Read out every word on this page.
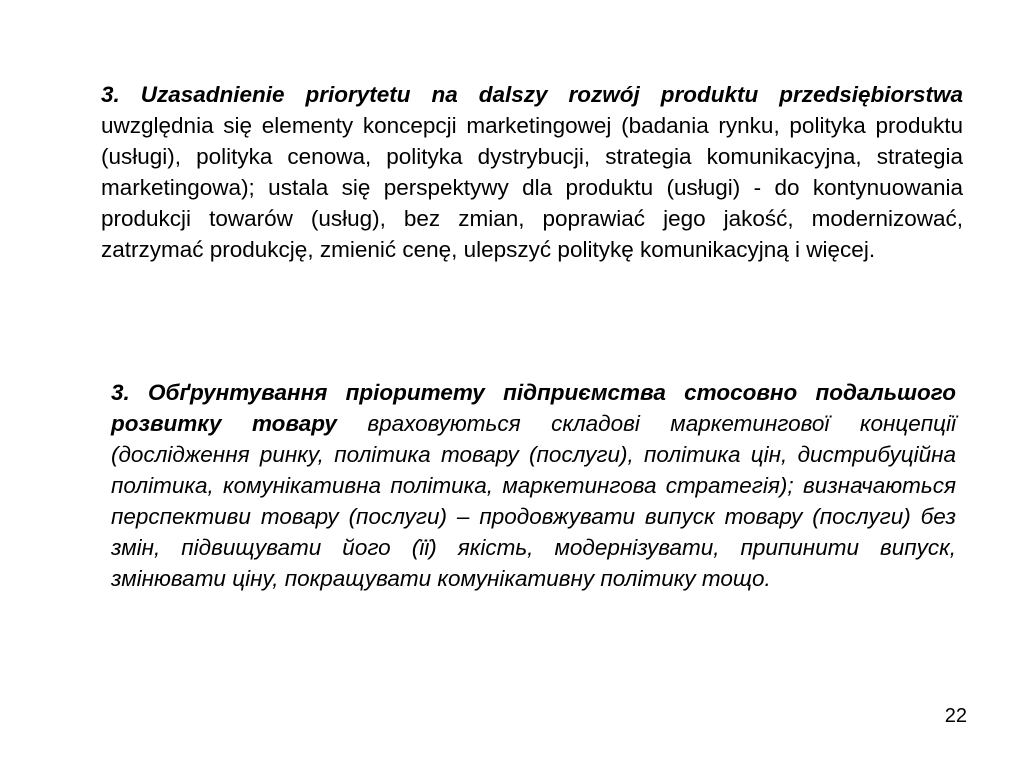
3. Uzasadnienie priorytetu na dalszy rozwój produktu przedsiębiorstwa uwzględnia się elementy koncepcji marketingowej (badania rynku, polityka produktu (usługi), polityka cenowa, polityka dystrybucji, strategia komunikacyjna, strategia marketingowa); ustala się perspektywy dla produktu (usługi) - do kontynuowania produkcji towarów (usług), bez zmian, poprawiać jego jakość, modernizować, zatrzymać produkcję, zmienić cenę, ulepszyć politykę komunikacyjną i więcej.

3. Обґрунтування пріоритету підприємства стосовно подальшого розвитку товару враховуються складові маркетингової концепції (дослідження ринку, політика товару (послуги), політика цін, дистрибуційна політика, комунікативна політика, маркетингова стратегія); визначаються перспективи товару (послуги) – продовжувати випуск товару (послуги) без змін, підвищувати його (її) якість, модернізувати, припинити випуск, змінювати ціну, покращувати комунікативну політику тощо.

22
